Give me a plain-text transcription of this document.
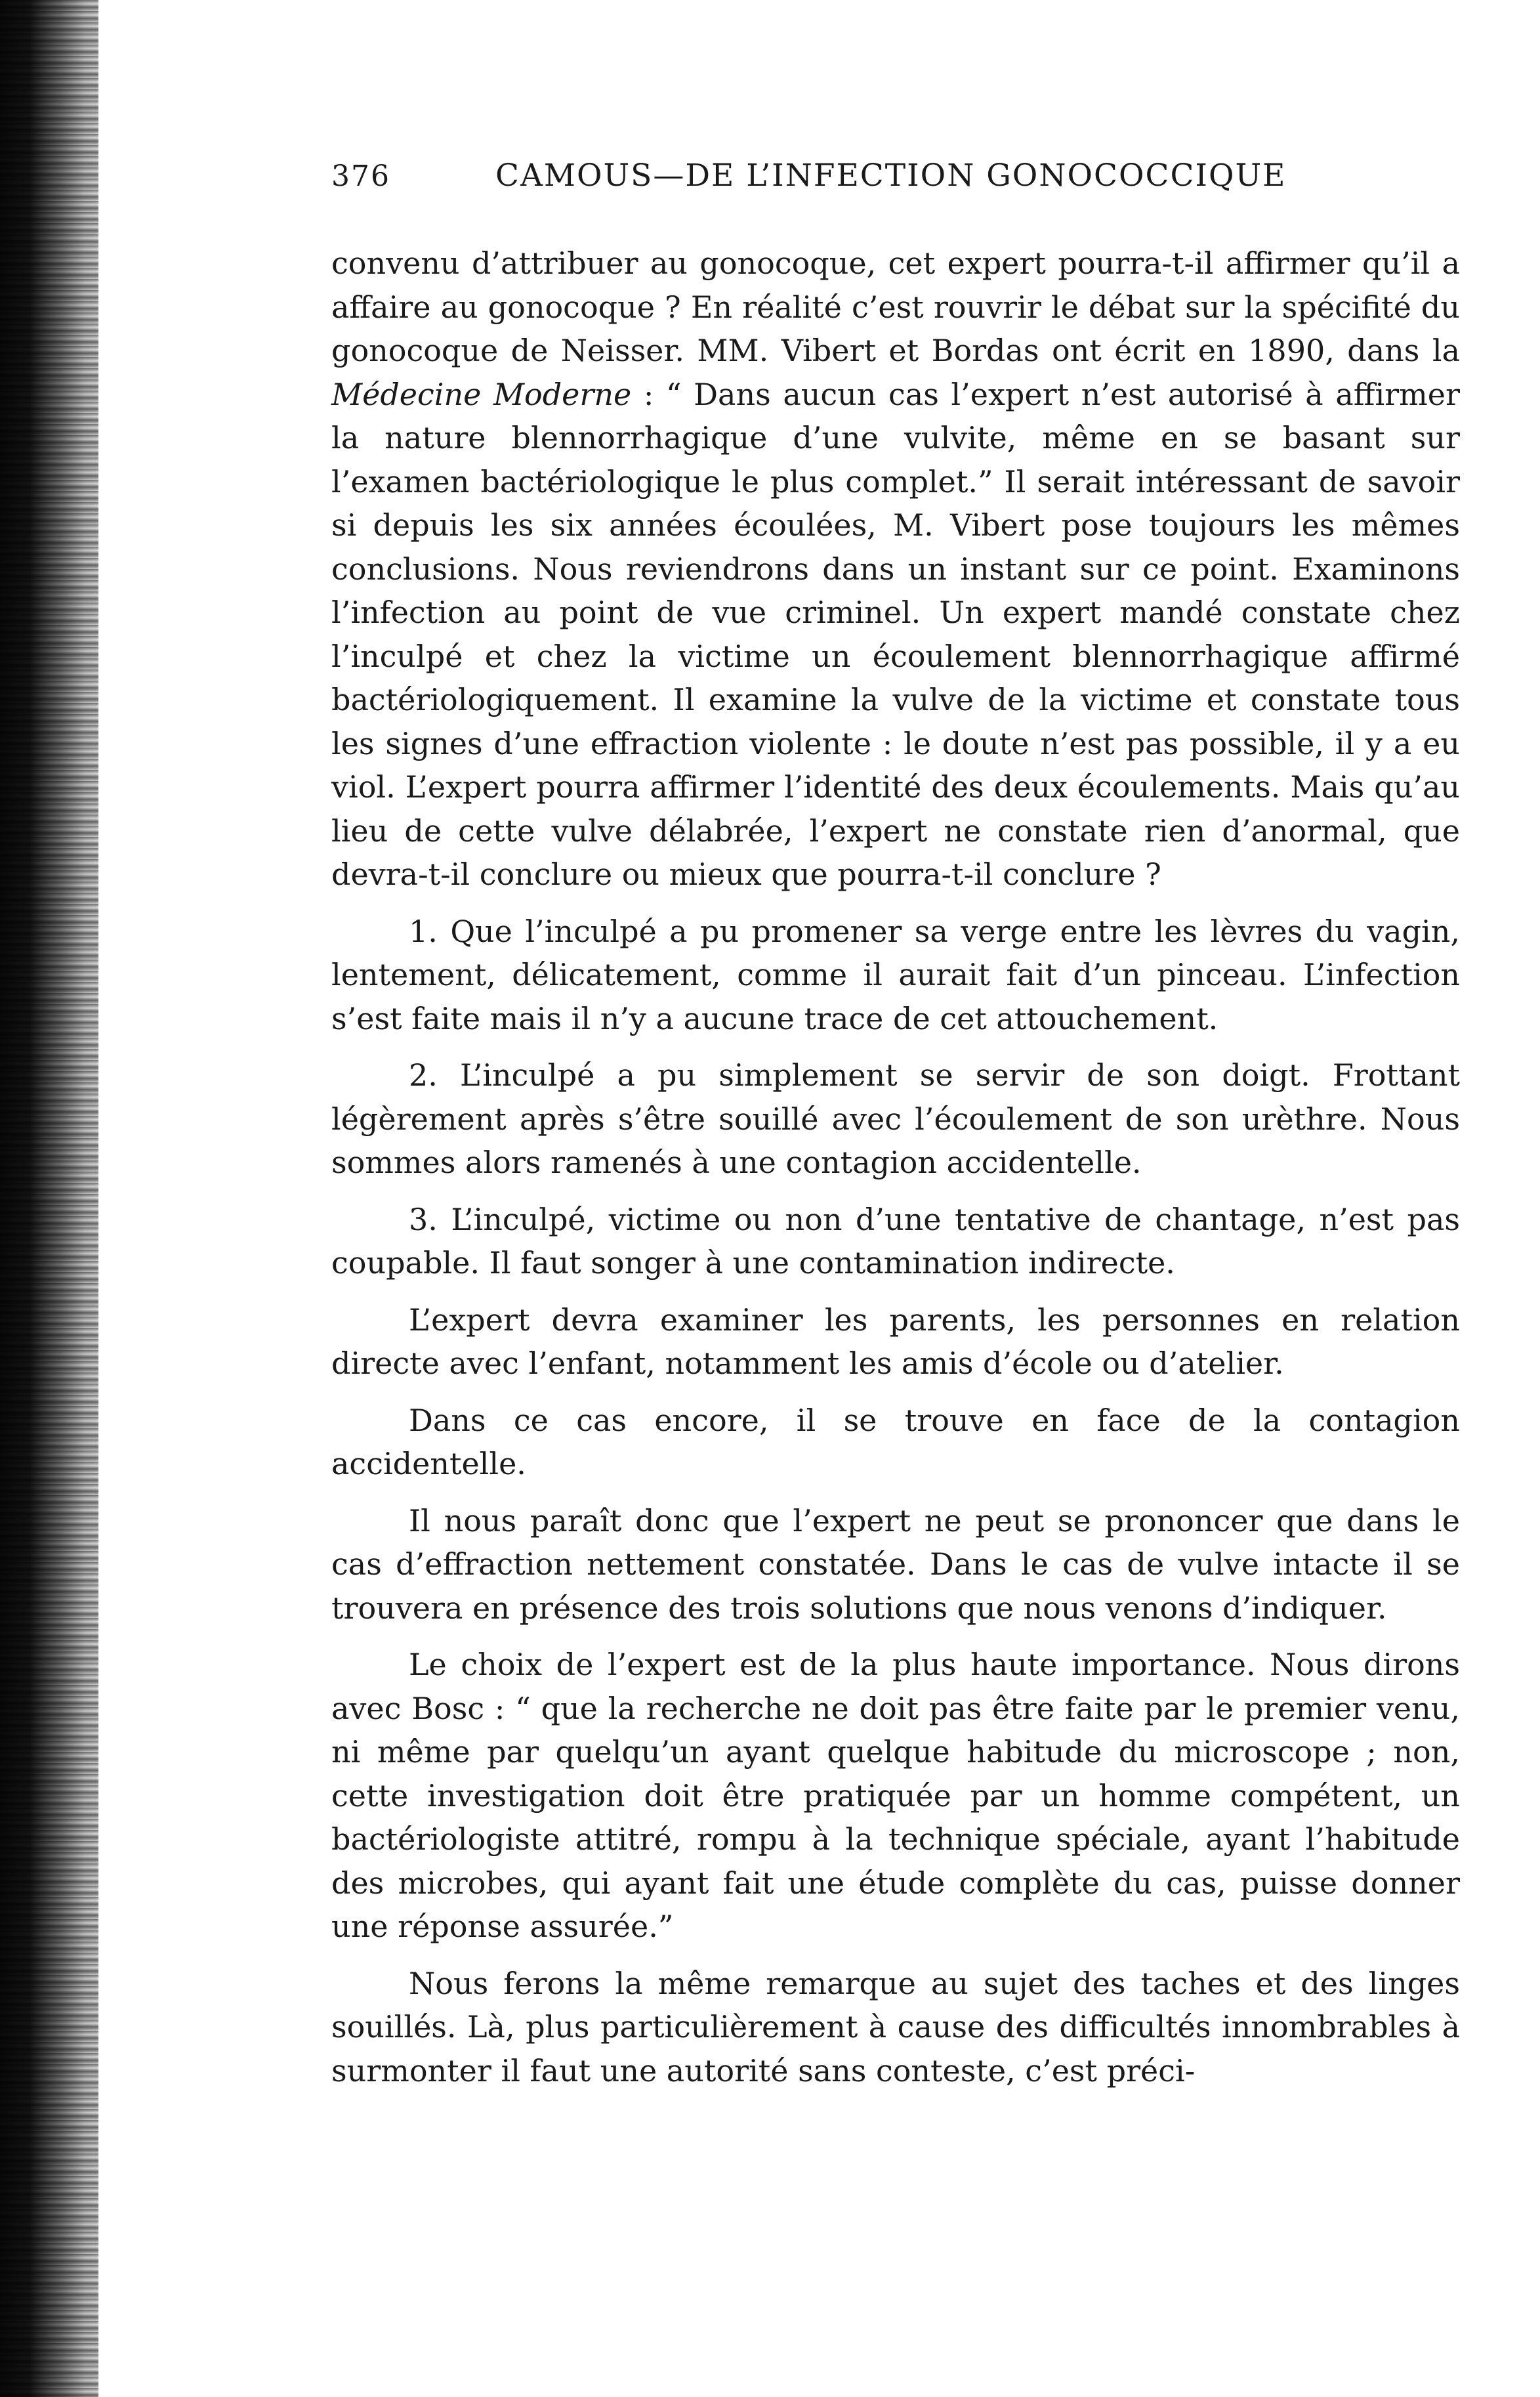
376	CAMOUS—DE L’INFECTION GONOCOCCIQUE

convenu d’attribuer au gonocoque, cet expert pourra-t-il affirmer qu’il a affaire au gonocoque ? En réalité c’est rouvrir le débat sur la spécifité du gonocoque de Neisser. MM. Vibert et Bordas ont écrit en 1890, dans la Médecine Moderne : “ Dans aucun cas l’expert n’est autorisé à affirmer la nature blennorrhagique d’une vulvite, même en se basant sur l’examen bactériologique le plus complet.” Il serait intéressant de savoir si depuis les six années écoulées, M. Vibert pose toujours les mêmes conclusions. Nous reviendrons dans un instant sur ce point. Examinons l’infection au point de vue criminel. Un expert mandé constate chez l’inculpé et chez la victime un écoulement blennorrhagique affirmé bactériologiquement. Il examine la vulve de la victime et constate tous les signes d’une effraction violente : le doute n’est pas possible, il y a eu viol. L’expert pourra affirmer l’identité des deux écoulements. Mais qu’au lieu de cette vulve délabrée, l’expert ne constate rien d’anormal, que devra-t-il conclure ou mieux que pourra-t-il conclure ?

1. Que l’inculpé a pu promener sa verge entre les lèvres du vagin, lentement, délicatement, comme il aurait fait d’un pinceau. L’infection s’est faite mais il n’y a aucune trace de cet attouchement.

2. L’inculpé a pu simplement se servir de son doigt. Frottant légèrement après s’être souillé avec l’écoulement de son urèthre. Nous sommes alors ramenés à une contagion accidentelle.

3. L’inculpé, victime ou non d’une tentative de chantage, n’est pas coupable. Il faut songer à une contamination indirecte.

L’expert devra examiner les parents, les personnes en relation directe avec l’enfant, notamment les amis d’école ou d’atelier.

Dans ce cas encore, il se trouve en face de la contagion accidentelle.

Il nous paraît donc que l’expert ne peut se prononcer que dans le cas d’effraction nettement constatée. Dans le cas de vulve intacte il se trouvera en présence des trois solutions que nous venons d’indiquer.

Le choix de l’expert est de la plus haute importance. Nous dirons avec Bosc : “ que la recherche ne doit pas être faite par le premier venu, ni même par quelqu’un ayant quelque habitude du microscope ; non, cette investigation doit être pratiquée par un homme compétent, un bactériologiste attitré, rompu à la technique spéciale, ayant l’habitude des microbes, qui ayant fait une étude complète du cas, puisse donner une réponse assurée.”

Nous ferons la même remarque au sujet des taches et des linges souillés. Là, plus particulièrement à cause des difficultés innombrables à surmonter il faut une autorité sans conteste, c’est préci-
